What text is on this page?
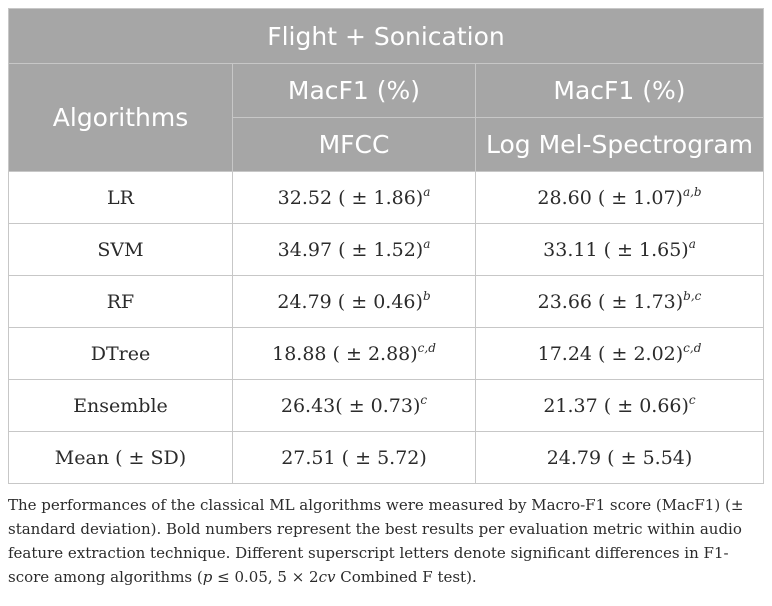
Flight + Sonication		
Algorithms	MacF1 (%)	MacF1 (%)
	MFCC	Log Mel-Spectrogram
LR	32.52 ( ± 1.86)$^a$	28.60 ( ± 1.07)$^{a,b}$
SVM	34.97 ( ± 1.52)$^a$	33.11 ( ± 1.65)$^a$
RF	24.79 ( ± 0.46)$^b$	23.66 ( ± 1.73)$^{b,c}$
DTree	18.88 ( ± 2.88)$^{c,d}$	17.24 ( ± 2.02)$^{c,d}$
Ensemble	$26.43( \pm 0.73)^c$	21.37 ( ± 0.66)$^c$
Mean ( ± SD)	27.51 ( ± 5.72)	24.79 ( ± 5.54)

The performances of the classical ML algorithms were measured by Macro-F1 score (MacF1) (± standard deviation). Bold numbers represent the best results per evaluation metric within audio feature extraction technique. Different superscript letters denote significant differences in F1-score among algorithms (p ≤ 0.05, 5 × 2cv Combined F test).
